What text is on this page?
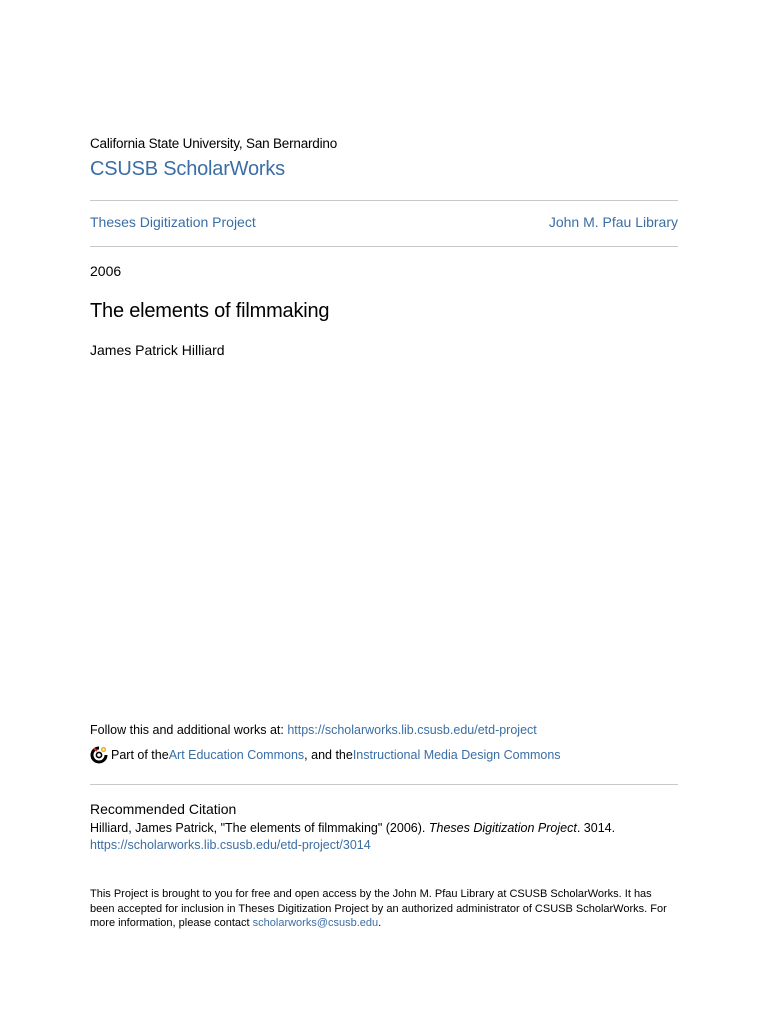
California State University, San Bernardino
CSUSB ScholarWorks
Theses Digitization Project	John M. Pfau Library
2006
The elements of filmmaking
James Patrick Hilliard
Follow this and additional works at: https://scholarworks.lib.csusb.edu/etd-project
Part of the Art Education Commons , and the Instructional Media Design Commons
Recommended Citation
Hilliard, James Patrick, "The elements of filmmaking" (2006). Theses Digitization Project. 3014.
https://scholarworks.lib.csusb.edu/etd-project/3014
This Project is brought to you for free and open access by the John M. Pfau Library at CSUSB ScholarWorks. It has been accepted for inclusion in Theses Digitization Project by an authorized administrator of CSUSB ScholarWorks. For more information, please contact scholarworks@csusb.edu.
